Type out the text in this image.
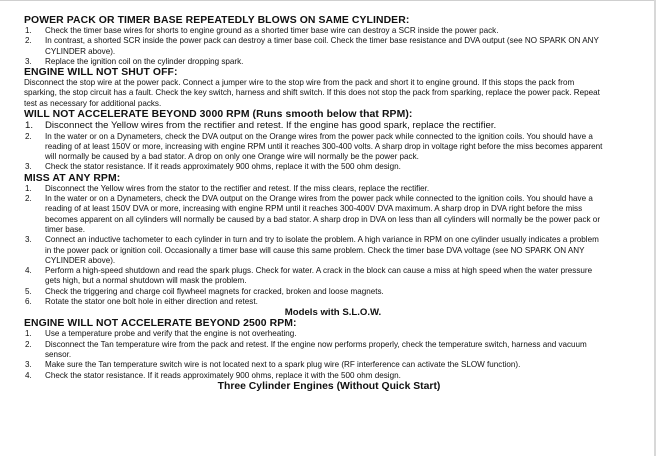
POWER PACK OR TIMER BASE REPEATEDLY BLOWS ON SAME CYLINDER:
1. Check the timer base wires for shorts to engine ground as a shorted timer base wire can destroy a SCR inside the power pack.
2. In contrast, a shorted SCR inside the power pack can destroy a timer base coil. Check the timer base resistance and DVA output (see NO SPARK ON ANY CYLINDER above).
3. Replace the ignition coil on the cylinder dropping spark.
ENGINE WILL NOT SHUT OFF:

Disconnect the stop wire at the power pack. Connect a jumper wire to the stop wire from the pack and short it to engine ground. If this stops the pack from sparking, the stop circuit has a fault. Check the key switch, harness and shift switch. If this does not stop the pack from sparking, replace the power pack. Repeat test as necessary for additional packs.

WILL NOT ACCELERATE BEYOND 3000 RPM (Runs smooth below that RPM):
1. Disconnect the Yellow wires from the rectifier and retest. If the engine has good spark, replace the rectifier.
2. In the water or on a Dynameters, check the DVA output on the Orange wires from the power pack while connected to the ignition coils. You should have a reading of at least 150V or more, increasing with engine RPM until it reaches 300-400 volts. A sharp drop in voltage right before the miss becomes apparent will normally be caused by a bad stator. A drop on only one Orange wire will normally be the power pack.
3. Check the stator resistance. If it reads approximately 900 ohms, replace it with the 500 ohm design.
MISS AT ANY RPM:
1. Disconnect the Yellow wires from the stator to the rectifier and retest. If the miss clears, replace the rectifier.
2. In the water or on a Dynameters, check the DVA output on the Orange wires from the power pack while connected to the ignition coils. You should have a reading of at least 150V DVA or more, increasing with engine RPM until it reaches 300-400V DVA maximum. A sharp drop in DVA right before the miss becomes apparent on all cylinders will normally be caused by a bad stator. A sharp drop in DVA on less than all cylinders will normally be the power pack or timer base.
3. Connect an inductive tachometer to each cylinder in turn and try to isolate the problem. A high variance in RPM on one cylinder usually indicates a problem in the power pack or ignition coil. Occasionally a timer base will cause this same problem. Check the timer base DVA voltage (see NO SPARK ON ANY CYLINDER above).
4. Perform a high-speed shutdown and read the spark plugs. Check for water. A crack in the block can cause a miss at high speed when the water pressure gets high, but a normal shutdown will mask the problem.
5. Check the triggering and charge coil flywheel magnets for cracked, broken and loose magnets.
6. Rotate the stator one bolt hole in either direction and retest.
Models with S.L.O.W.
ENGINE WILL NOT ACCELERATE BEYOND 2500 RPM:
1. Use a temperature probe and verify that the engine is not overheating.
2. Disconnect the Tan temperature wire from the pack and retest. If the engine now performs properly, check the temperature switch, harness and vacuum sensor.
3. Make sure the Tan temperature switch wire is not located next to a spark plug wire (RF interference can activate the SLOW function).
4. Check the stator resistance. If it reads approximately 900 ohms, replace it with the 500 ohm design.
Three Cylinder Engines (Without Quick Start)
